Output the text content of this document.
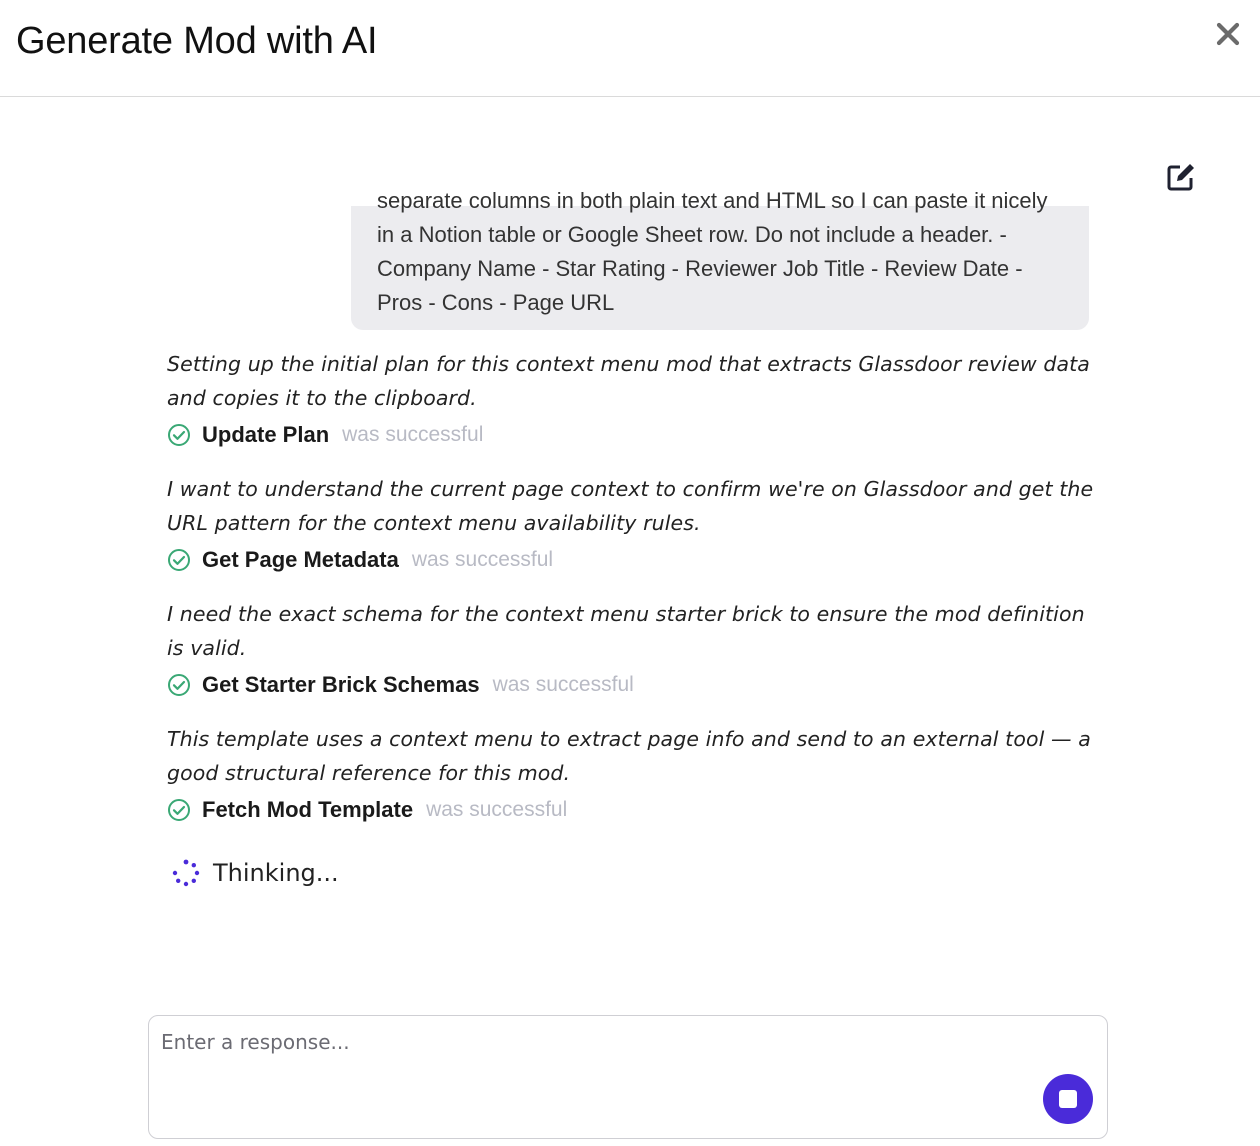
Generate Mod with AI
separate columns in both plain text and HTML so I can paste it nicely in a Notion table or Google Sheet row. Do not include a header. - Company Name - Star Rating - Reviewer Job Title - Review Date - Pros - Cons - Page URL
Setting up the initial plan for this context menu mod that extracts Glassdoor review data and copies it to the clipboard.
Update Plan was successful
I want to understand the current page context to confirm we're on Glassdoor and get the URL pattern for the context menu availability rules.
Get Page Metadata was successful
I need the exact schema for the context menu starter brick to ensure the mod definition is valid.
Get Starter Brick Schemas was successful
This template uses a context menu to extract page info and send to an external tool — a good structural reference for this mod.
Fetch Mod Template was successful
Thinking...
Enter a response...
